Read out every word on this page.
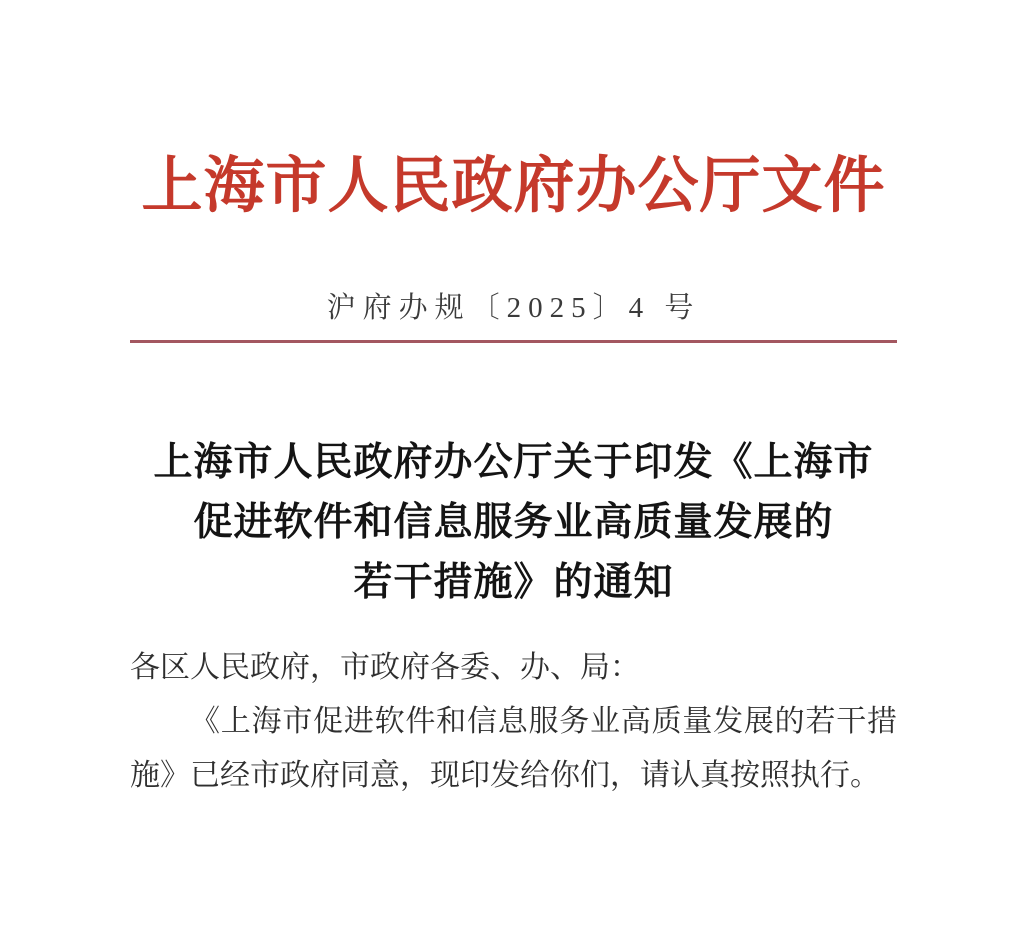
上海市人民政府办公厅文件
沪府办规〔2025〕4 号
上海市人民政府办公厅关于印发《上海市
促进软件和信息服务业高质量发展的
若干措施》的通知

各区人民政府，市政府各委、办、局：

《上海市促进软件和信息服务业高质量发展的若干措施》已经市政府同意，现印发给你们，请认真按照执行。
